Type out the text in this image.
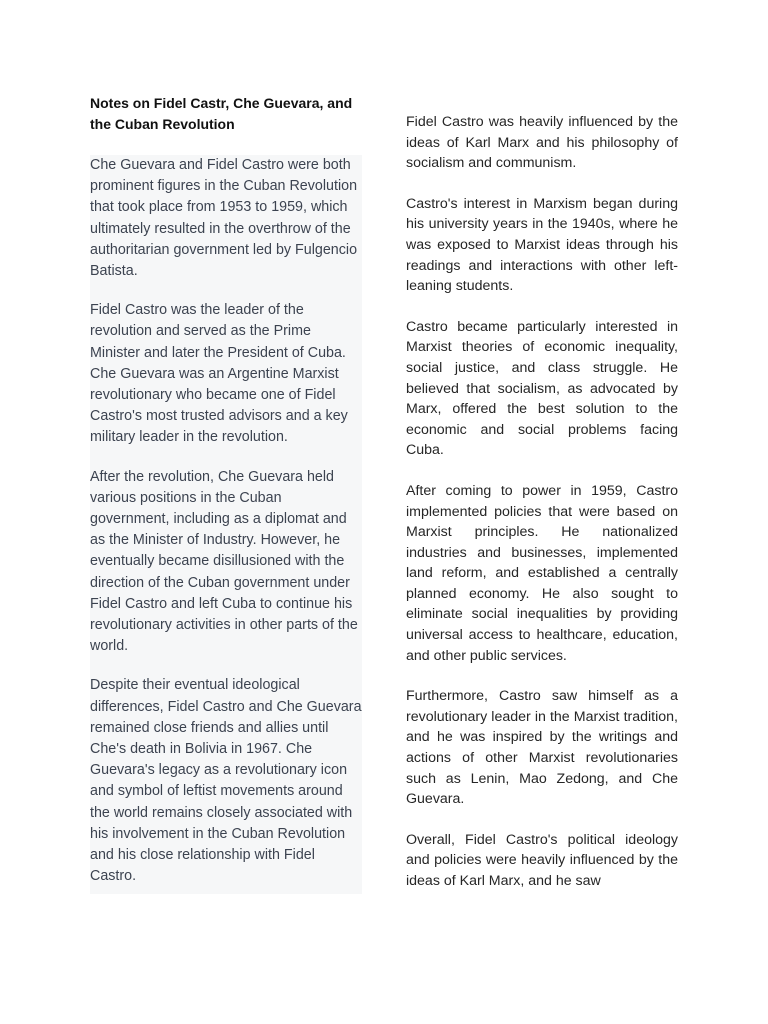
Notes on Fidel Castr, Che Guevara, and the Cuban Revolution

Che Guevara and Fidel Castro were both prominent figures in the Cuban Revolution that took place from 1953 to 1959, which ultimately resulted in the overthrow of the authoritarian government led by Fulgencio Batista.

Fidel Castro was the leader of the revolution and served as the Prime Minister and later the President of Cuba. Che Guevara was an Argentine Marxist revolutionary who became one of Fidel Castro's most trusted advisors and a key military leader in the revolution.

After the revolution, Che Guevara held various positions in the Cuban government, including as a diplomat and as the Minister of Industry. However, he eventually became disillusioned with the direction of the Cuban government under Fidel Castro and left Cuba to continue his revolutionary activities in other parts of the world.

Despite their eventual ideological differences, Fidel Castro and Che Guevara remained close friends and allies until Che's death in Bolivia in 1967. Che Guevara's legacy as a revolutionary icon and symbol of leftist movements around the world remains closely associated with his involvement in the Cuban Revolution and his close relationship with Fidel Castro.

Fidel Castro was heavily influenced by the ideas of Karl Marx and his philosophy of socialism and communism.

Castro's interest in Marxism began during his university years in the 1940s, where he was exposed to Marxist ideas through his readings and interactions with other left-leaning students.

Castro became particularly interested in Marxist theories of economic inequality, social justice, and class struggle. He believed that socialism, as advocated by Marx, offered the best solution to the economic and social problems facing Cuba.

After coming to power in 1959, Castro implemented policies that were based on Marxist principles. He nationalized industries and businesses, implemented land reform, and established a centrally planned economy. He also sought to eliminate social inequalities by providing universal access to healthcare, education, and other public services.

Furthermore, Castro saw himself as a revolutionary leader in the Marxist tradition, and he was inspired by the writings and actions of other Marxist revolutionaries such as Lenin, Mao Zedong, and Che Guevara.

Overall, Fidel Castro's political ideology and policies were heavily influenced by the ideas of Karl Marx, and he saw
